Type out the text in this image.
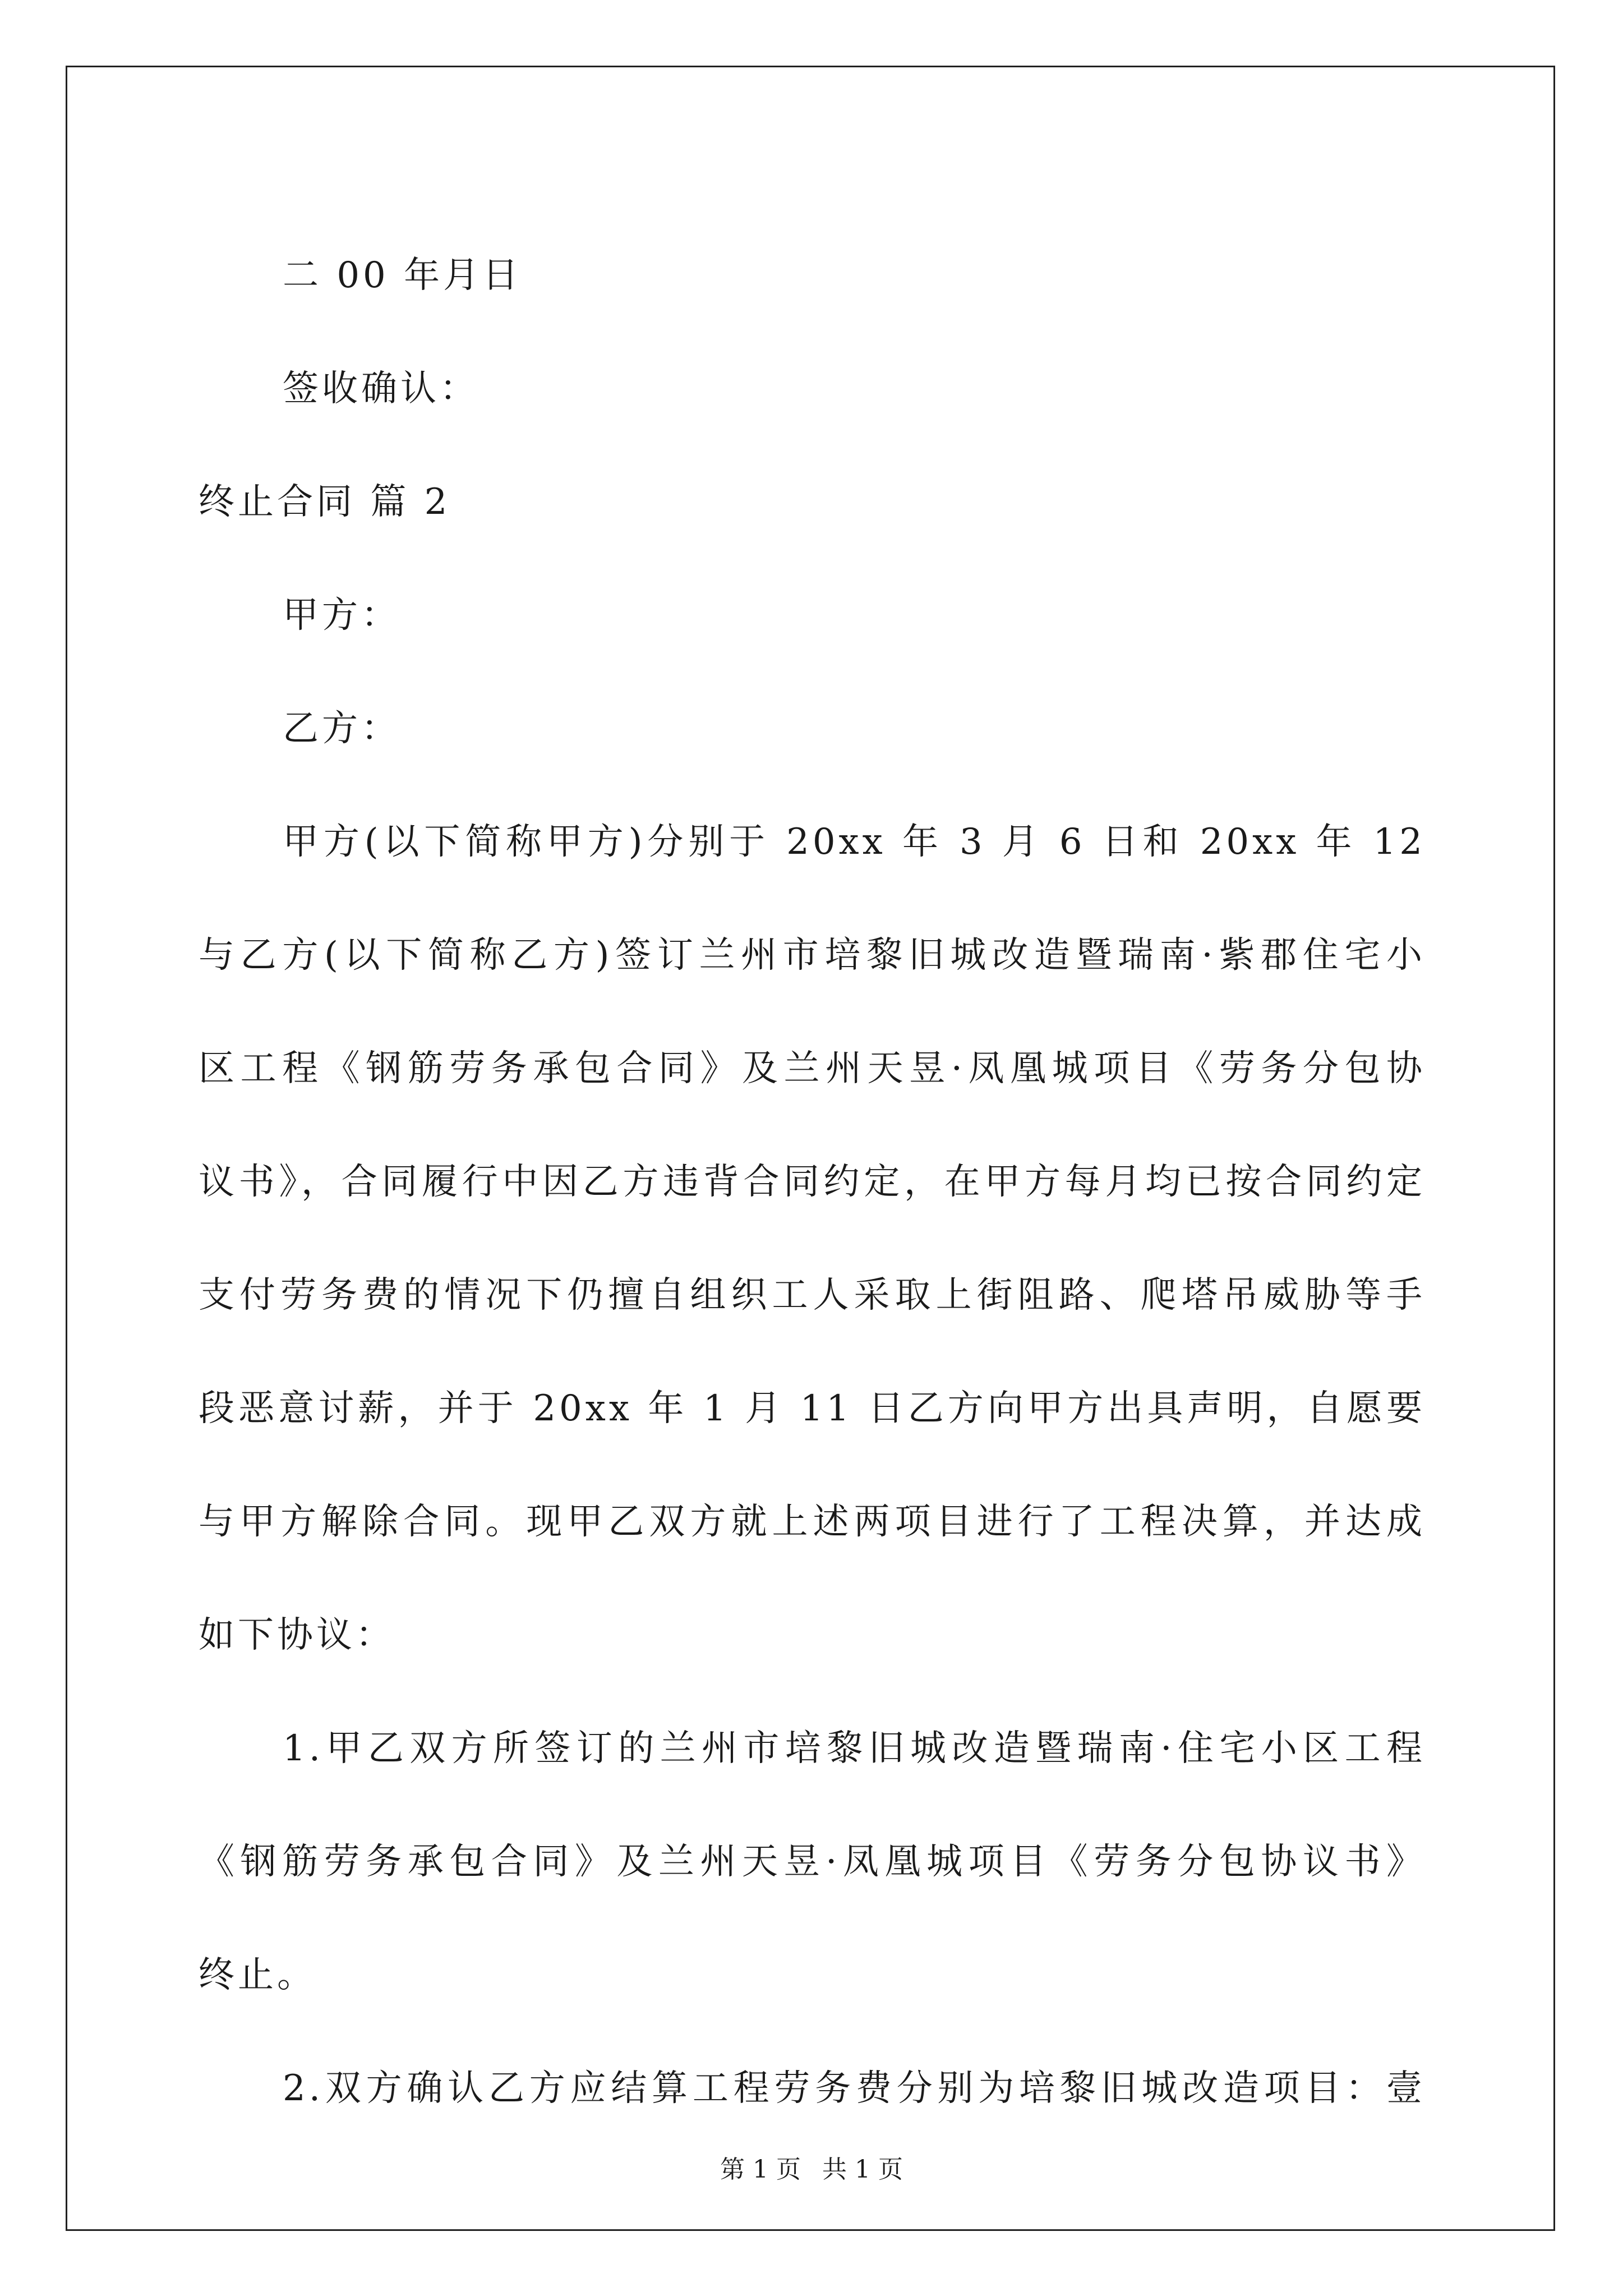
二 00 年月日

签收确认：

终止合同 篇 2

甲方：

乙方：

甲方(以下简称甲方)分别于 20xx 年 3 月 6 日和 20xx 年 12

与乙方(以下简称乙方)签订兰州市培黎旧城改造暨瑞南·紫郡住宅小

区工程《钢筋劳务承包合同》及兰州天昱·凤凰城项目《劳务分包协

议书》，合同履行中因乙方违背合同约定，在甲方每月均已按合同约定

支付劳务费的情况下仍擅自组织工人采取上街阻路、爬塔吊威胁等手

段恶意讨薪，并于 20xx 年 1 月 11 日乙方向甲方出具声明，自愿要

与甲方解除合同。现甲乙双方就上述两项目进行了工程决算，并达成

如下协议：

1.甲乙双方所签订的兰州市培黎旧城改造暨瑞南·住宅小区工程

《钢筋劳务承包合同》及兰州天昱·凤凰城项目《劳务分包协议书》

终止。

2.双方确认乙方应结算工程劳务费分别为培黎旧城改造项目：壹

第 1 页 共 1 页
